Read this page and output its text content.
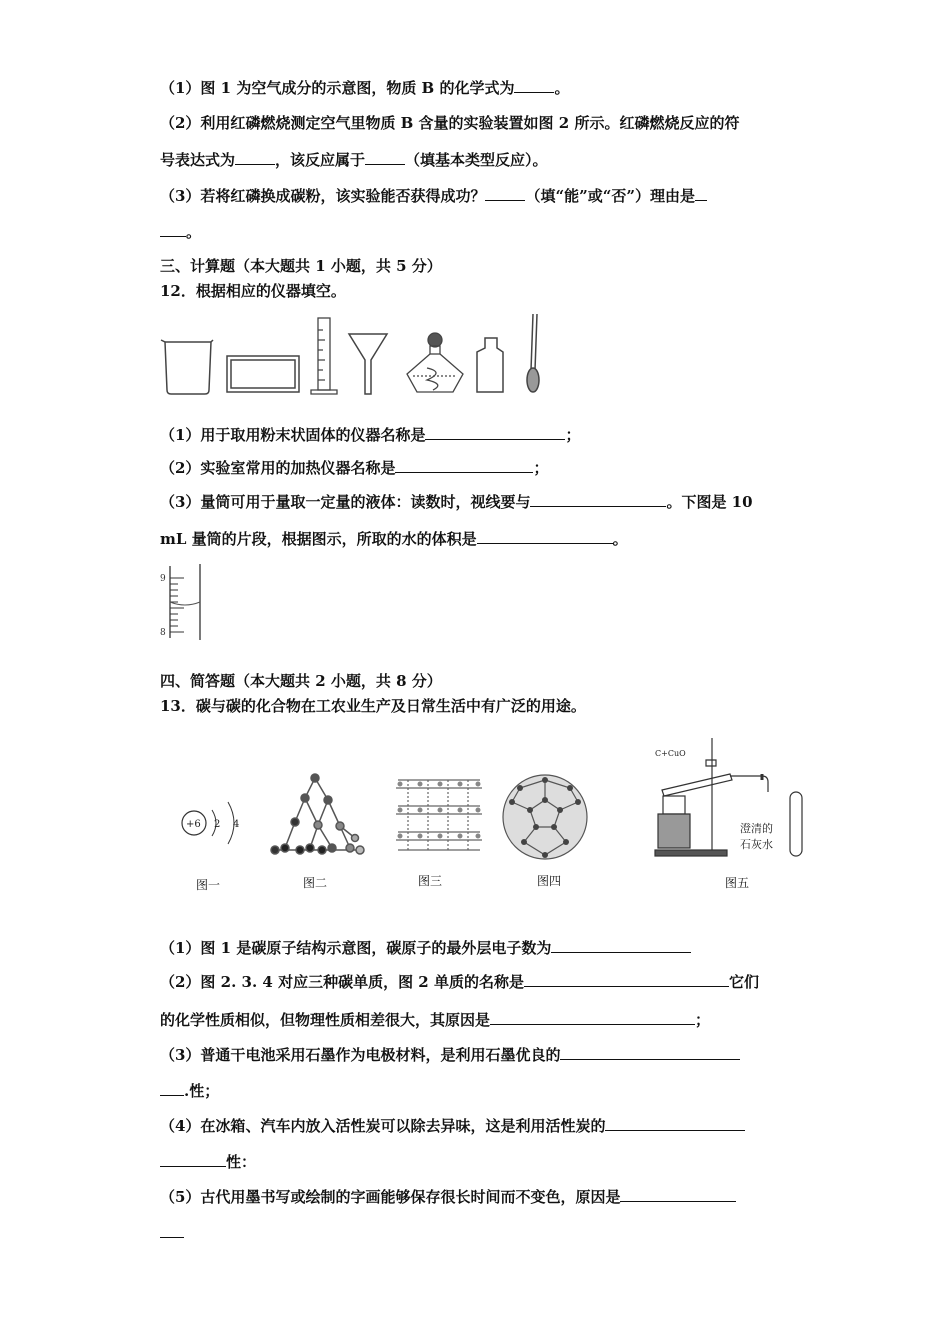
（1）图 1 为空气成分的示意图，物质 B 的化学式为	。
（2）利用红磷燃烧测定空气里物质 B 含量的实验装置如图 2 所示。红磷燃烧反应的符
号表达式为	，该反应属于	（填基本类型反应）。
（3）若将红磷换成碳粉，该实验能否获得成功？	（填“能”或“否”）理由是
。
三、计算题（本大题共 1 小题，共 5 分）
12．根据相应的仪器填空。
（1）用于取用粉末状固体的仪器名称是	；
（2）实验室常用的加热仪器名称是	；
（3）量筒可用于量取一定量的液体：读数时，视线要与	。下图是 10
mL 量筒的片段，根据图示，所取的水的体积是	。
9
8
四、简答题（本大题共 2 小题，共 8 分）
13．碳与碳的化合物在工农业生产及日常生活中有广泛的用途。
+6 2 4
C+CuO
澄清的
石灰水
图一	图二	图三	图四	图五
（1）图 1 是碳原子结构示意图，碳原子的最外层电子数为
（2）图 2. 3. 4 对应三种碳单质，图 2 单质的名称是	它们
的化学性质相似，但物理性质相差很大，其原因是	；
（3）普通干电池采用石墨作为电极材料，是利用石墨优良的
.性；
（4）在冰箱、汽车内放入活性炭可以除去异味，这是利用活性炭的
性：
（5）古代用墨书写或绘制的字画能够保存很长时间而不变色，原因是
